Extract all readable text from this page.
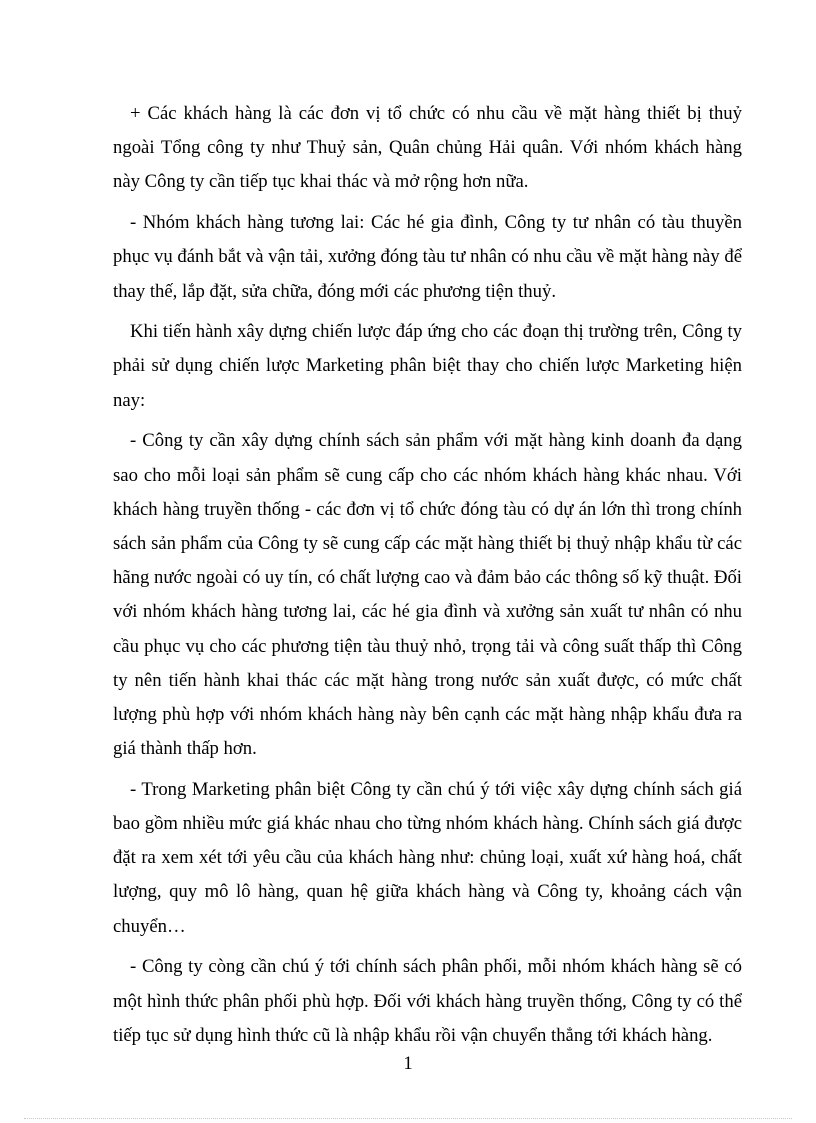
+ Các khách hàng là các đơn vị tổ chức có nhu cầu về mặt hàng thiết bị thuỷ ngoài Tổng công ty như Thuỷ sản, Quân chủng Hải quân. Với nhóm khách hàng này Công ty cần tiếp tục khai thác và mở rộng hơn nữa.

- Nhóm khách hàng tương lai: Các hé gia đình, Công ty tư nhân có tàu thuyền phục vụ đánh bắt và vận tải, xưởng đóng tàu tư nhân có nhu cầu về mặt hàng này để thay thế, lắp đặt, sửa chữa, đóng mới các phương tiện thuỷ.

Khi tiến hành xây dựng chiến lược đáp ứng cho các đoạn thị trường trên, Công ty phải sử dụng chiến lược Marketing phân biệt thay cho chiến lược Marketing hiện nay:

- Công ty cần xây dựng chính sách sản phẩm với mặt hàng kinh doanh đa dạng sao cho mỗi loại sản phẩm sẽ cung cấp cho các nhóm khách hàng khác nhau. Với khách hàng truyền thống - các đơn vị tổ chức đóng tàu có dự án lớn thì trong chính sách sản phẩm của Công ty sẽ cung cấp các mặt hàng thiết bị thuỷ nhập khẩu từ các hãng nước ngoài có uy tín, có chất lượng cao và đảm bảo các thông số kỹ thuật. Đối với nhóm khách hàng tương lai, các hé gia đình và xưởng sản xuất tư nhân có nhu cầu phục vụ cho các phương tiện tàu thuỷ nhỏ, trọng tải và công suất thấp thì Công ty nên tiến hành khai thác các mặt hàng trong nước sản xuất được, có mức chất lượng phù hợp với nhóm khách hàng này bên cạnh các mặt hàng nhập khẩu đưa ra giá thành thấp hơn.

- Trong Marketing phân biệt Công ty cần chú ý tới việc xây dựng chính sách giá bao gồm nhiều mức giá khác nhau cho từng nhóm khách hàng. Chính sách giá được đặt ra xem xét tới yêu cầu của khách hàng như: chủng loại, xuất xứ hàng hoá, chất lượng, quy mô lô hàng, quan hệ giữa khách hàng và Công ty, khoảng cách vận chuyển…

- Công ty còng cần chú ý tới chính sách phân phối, mỗi nhóm khách hàng sẽ có một hình thức phân phối phù hợp. Đối với khách hàng truyền thống, Công ty có thể tiếp tục sử dụng hình thức cũ là nhập khẩu rồi vận chuyển thẳng tới khách hàng.

1
